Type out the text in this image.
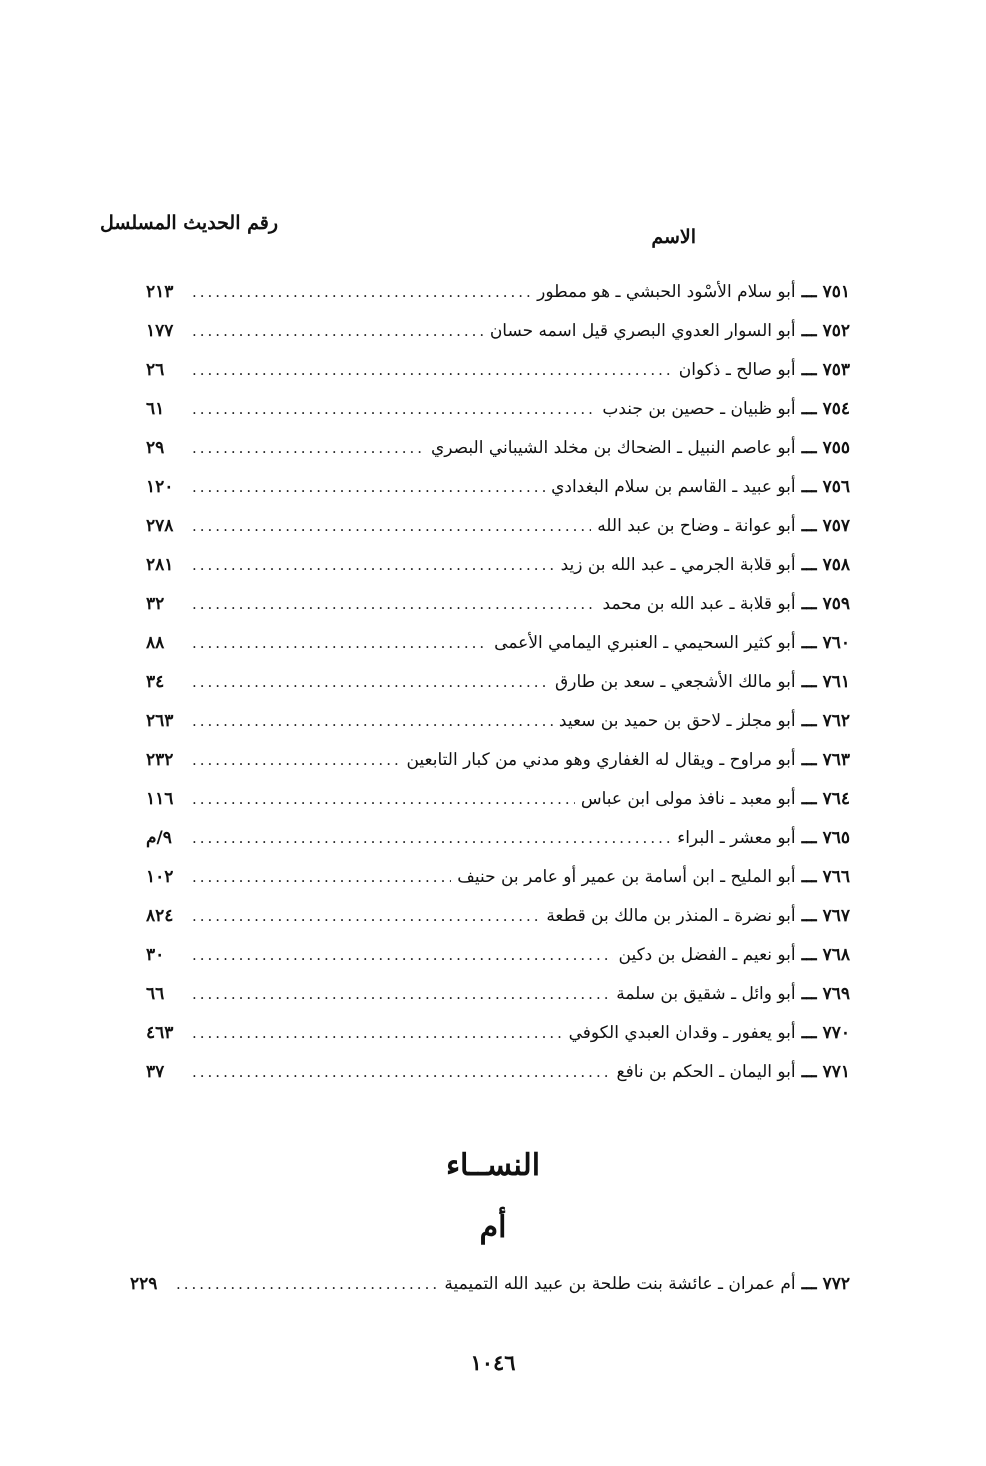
رقم الحديث المسلسل
الاسم
٧٥١
ـــ
أبو سلام الأسْود الحبشي ـ هو ممطور
.....
٢١٣
٧٥٢
ـــ
أبو السوار العدوي البصري قيل اسمه حسان
.....
١٧٧
٧٥٣
ـــ
أبو صالح ـ ذكوان
.....
٢٦
٧٥٤
ـــ
أبو ظبيان ـ حصين بن جندب
.....
٦١
٧٥٥
ـــ
أبو عاصم النبيل ـ الضحاك بن مخلد الشيباني البصري
.....
٢٩
٧٥٦
ـــ
أبو عبيد ـ القاسم بن سلام البغدادي
.....
١٢٠
٧٥٧
ـــ
أبو عوانة ـ وضاح بن عبد الله
.....
٢٧٨
٧٥٨
ـــ
أبو قلابة الجرمي ـ عبد الله بن زيد
.....
٢٨١
٧٥٩
ـــ
أبو قلابة ـ عبد الله بن محمد
.....
٣٢
٧٦٠
ـــ
أبو كثير السحيمي ـ العنبري اليمامي الأعمى
.....
٨٨
٧٦١
ـــ
أبو مالك الأشجعي ـ سعد بن طارق
.....
٣٤
٧٦٢
ـــ
أبو مجلز ـ لاحق بن حميد بن سعيد
.....
٢٦٣
٧٦٣
ـــ
أبو مراوح ـ ويقال له الغفاري وهو مدني من كبار التابعين
.....
٢٣٢
٧٦٤
ـــ
أبو معبد ـ نافذ مولى ابن عباس
.....
١١٦
٧٦٥
ـــ
أبو معشر ـ البراء
.....
٩/م
٧٦٦
ـــ
أبو المليح ـ ابن أسامة بن عمير أو عامر بن حنيف
.....
١٠٢
٧٦٧
ـــ
أبو نضرة ـ المنذر بن مالك بن قطعة
.....
٨٢٤
٧٦٨
ـــ
أبو نعيم ـ الفضل بن دكين
.....
٣٠
٧٦٩
ـــ
أبو وائل ـ شقيق بن سلمة
.....
٦٦
٧٧٠
ـــ
أبو يعفور ـ وقدان العبدي الكوفي
.....
٤٦٣
٧٧١
ـــ
أبو اليمان ـ الحكم بن نافع
.....
٣٧
النســاء
أم
٧٧٢
ـــ
أم عمران ـ عائشة بنت طلحة بن عبيد الله التميمية
.....
٢٢٩
١٠٤٦
